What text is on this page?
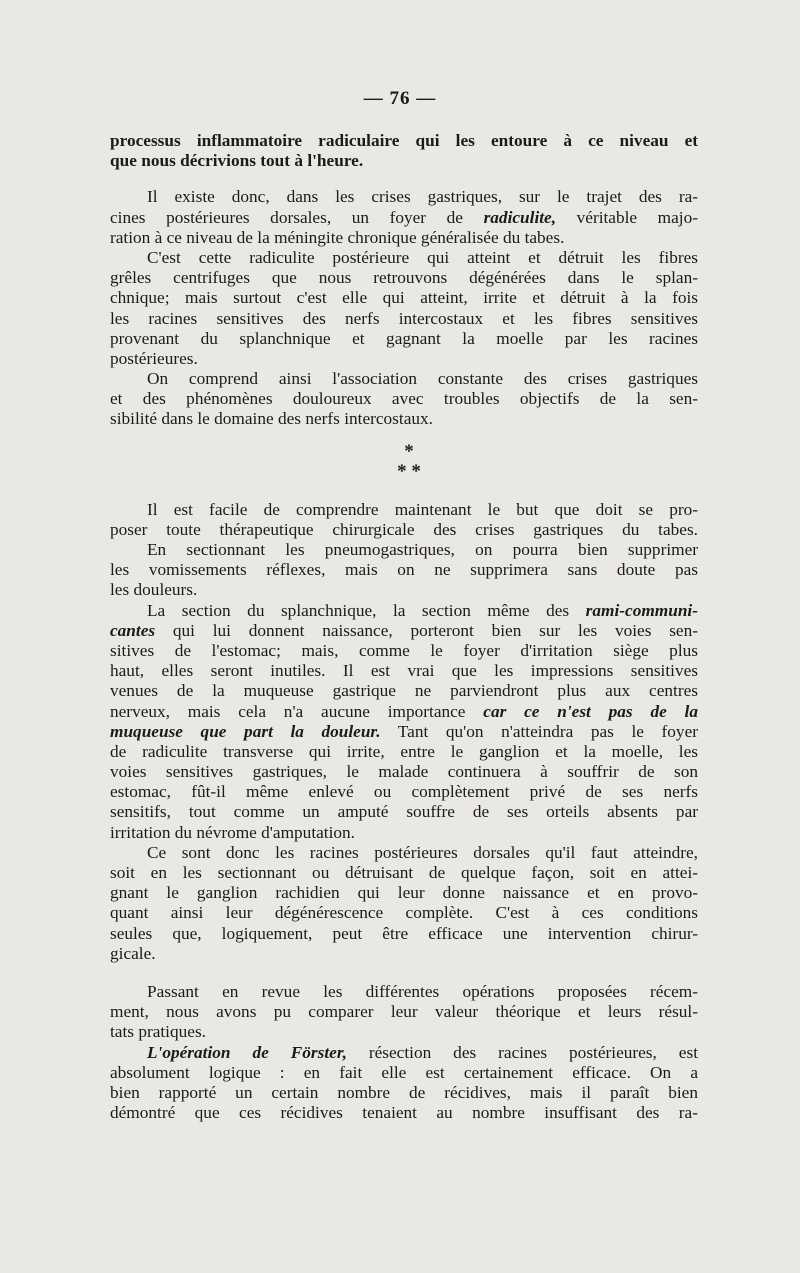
— 76 —
processus inflammatoire radiculaire qui les entoure à ce niveau et
que nous décrivions tout à l'heure.
Il existe donc, dans les crises gastriques, sur le trajet des ra-
cines postérieures dorsales, un foyer de radiculite, véritable majo-
ration à ce niveau de la méningite chronique généralisée du tabes.
C'est cette radiculite postérieure qui atteint et détruit les fibres
grêles centrifuges que nous retrouvons dégénérées dans le splan-
chnique; mais surtout c'est elle qui atteint, irrite et détruit à la fois
les racines sensitives des nerfs intercostaux et les fibres sensitives
provenant du splanchnique et gagnant la moelle par les racines
postérieures.
On comprend ainsi l'association constante des crises gastriques
et des phénomènes douloureux avec troubles objectifs de la sen-
sibilité dans le domaine des nerfs intercostaux.
*
* *
Il est facile de comprendre maintenant le but que doit se pro-
poser toute thérapeutique chirurgicale des crises gastriques du tabes.
En sectionnant les pneumogastriques, on pourra bien supprimer
les vomissements réflexes, mais on ne supprimera sans doute pas
les douleurs.
La section du splanchnique, la section même des rami-communi-
cantes qui lui donnent naissance, porteront bien sur les voies sen-
sitives de l'estomac; mais, comme le foyer d'irritation siège plus
haut, elles seront inutiles. Il est vrai que les impressions sensitives
venues de la muqueuse gastrique ne parviendront plus aux centres
nerveux, mais cela n'a aucune importance car ce n'est pas de la
muqueuse que part la douleur. Tant qu'on n'atteindra pas le foyer
de radiculite transverse qui irrite, entre le ganglion et la moelle, les
voies sensitives gastriques, le malade continuera à souffrir de son
estomac, fût-il même enlevé ou complètement privé de ses nerfs
sensitifs, tout comme un amputé souffre de ses orteils absents par
irritation du névrome d'amputation.
Ce sont donc les racines postérieures dorsales qu'il faut atteindre,
soit en les sectionnant ou détruisant de quelque façon, soit en attei-
gnant le ganglion rachidien qui leur donne naissance et en provo-
quant ainsi leur dégénérescence complète. C'est à ces conditions
seules que, logiquement, peut être efficace une intervention chirur-
gicale.
Passant en revue les différentes opérations proposées récem-
ment, nous avons pu comparer leur valeur théorique et leurs résul-
tats pratiques.
L'opération de Förster, résection des racines postérieures, est
absolument logique : en fait elle est certainement efficace. On a
bien rapporté un certain nombre de récidives, mais il paraît bien
démontré que ces récidives tenaient au nombre insuffisant des ra-
